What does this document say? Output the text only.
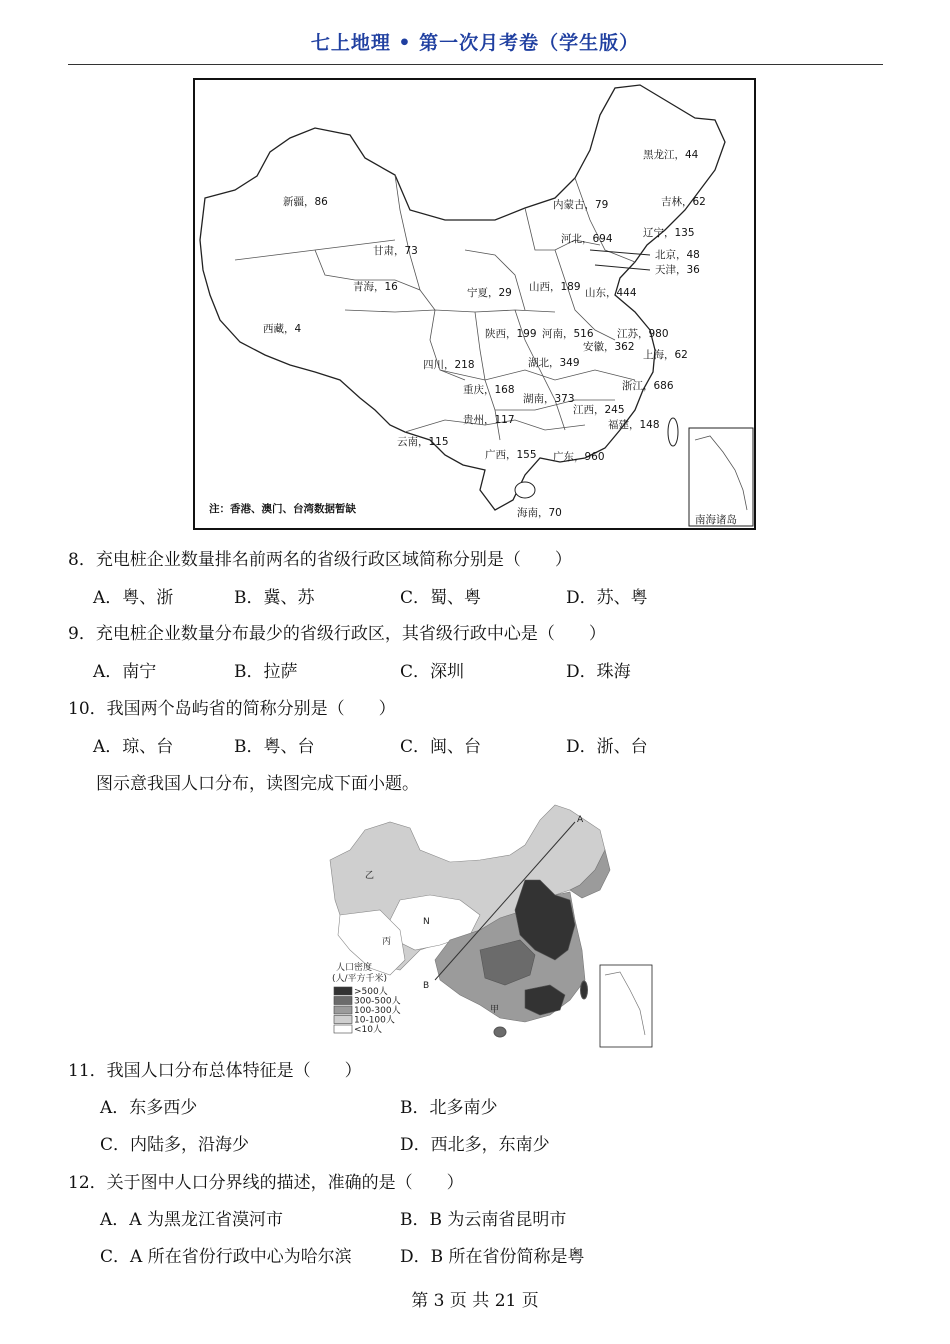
七上地理 • 第一次月考卷（学生版）
南海诸岛
黑龙江，44
新疆，86	内蒙古，79	吉林，62
辽宁，135
河北，694
北京，48
天津，36
甘肃，73
青海，16	宁夏，29 山西，189 山东，444
西藏，4	陕西，199 河南，516 江苏，980
安徽，362
上海，62
四川，218	湖北，349
重庆，168	浙江，686
湖南，373
江西，245
贵州，117	福建，148
云南，115
广西，155 广东，960
海南，70
注：香港、澳门、台湾数据暂缺
8．充电桩企业数量排名前两名的省级行政区域简称分别是（　　）
A．粤、浙	B．冀、苏	C．蜀、粤	D．苏、粤
9．充电桩企业数量分布最少的省级行政区，其省级行政中心是（　　）
A．南宁	B．拉萨	C．深圳	D．珠海
10．我国两个岛屿省的简称分别是（　　）
A．琼、台	B．粤、台	C．闽、台	D．浙、台
图示意我国人口分布，读图完成下面小题。
A
B
乙
N
丙
甲
人口密度
(人/平方千米)
>500人
300-500人
100-300人
10-100人
<10人
11．我国人口分布总体特征是（　　）
A．东多西少	B．北多南少
C．内陆多，沿海少	D．西北多，东南少
12．关于图中人口分界线的描述，准确的是（　　）
A．A 为黑龙江省漠河市	B．B 为云南省昆明市
C．A 所在省份行政中心为哈尔滨	D．B 所在省份简称是粤
第 3 页 共 21 页
